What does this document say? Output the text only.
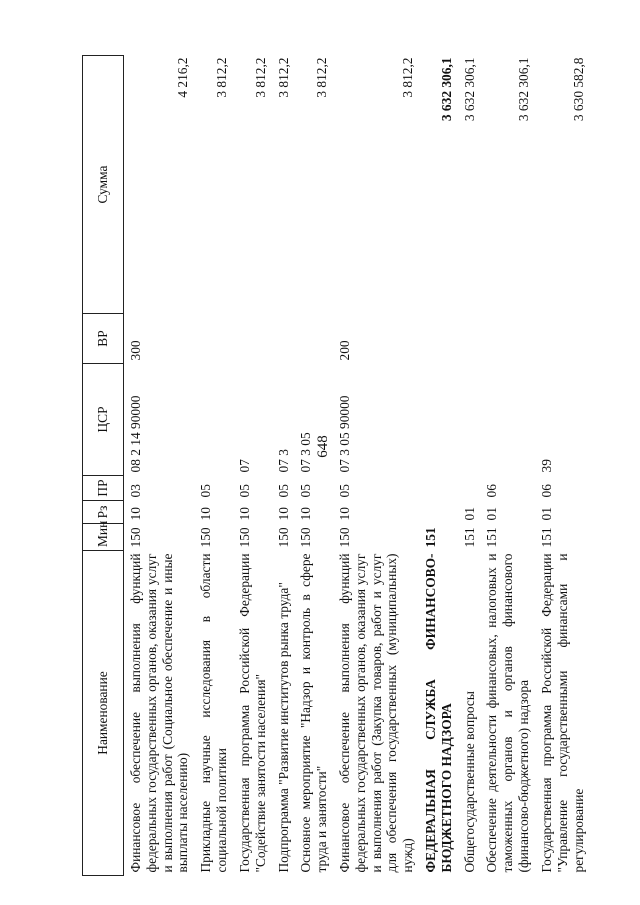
648
Наименование	Мин	Рз	ПР	ЦСР	ВР	Сумма
Финансовое обеспечение выполнения функций федеральных государственных органов, оказания услуг и выполнения работ (Социальное обеспечение и иные выплаты населению)	150	10	03	08 2 14 90000	300	4 216,2
Прикладные научные исследования в области социальной политики	150	10	05			3 812,2
Государственная программа Российской Федерации "Содействие занятости населения"	150	10	05	07		3 812,2
Подпрограмма "Развитие институтов рынка труда"	150	10	05	07 3		3 812,2
Основное мероприятие "Надзор и контроль в сфере труда и занятости"	150	10	05	07 3 05		3 812,2
Финансовое обеспечение выполнения функций федеральных государственных органов, оказания услуг и выполнения работ (Закупка товаров, работ и услуг для обеспечения государственных (муниципальных) нужд)	150	10	05	07 3 05 90000	200	3 812,2
ФЕДЕРАЛЬНАЯ СЛУЖБА ФИНАНСОВО-БЮДЖЕТНОГО НАДЗОРА	151					3 632 306,1
Общегосударственные вопросы	151	01				3 632 306,1
Обеспечение деятельности финансовых, налоговых и таможенных органов и органов финансового (финансово-бюджетного) надзора	151	01	06			3 632 306,1
Государственная программа Российской Федерации "Управление государственными финансами и регулирование	151	01	06	39		3 630 582,8
